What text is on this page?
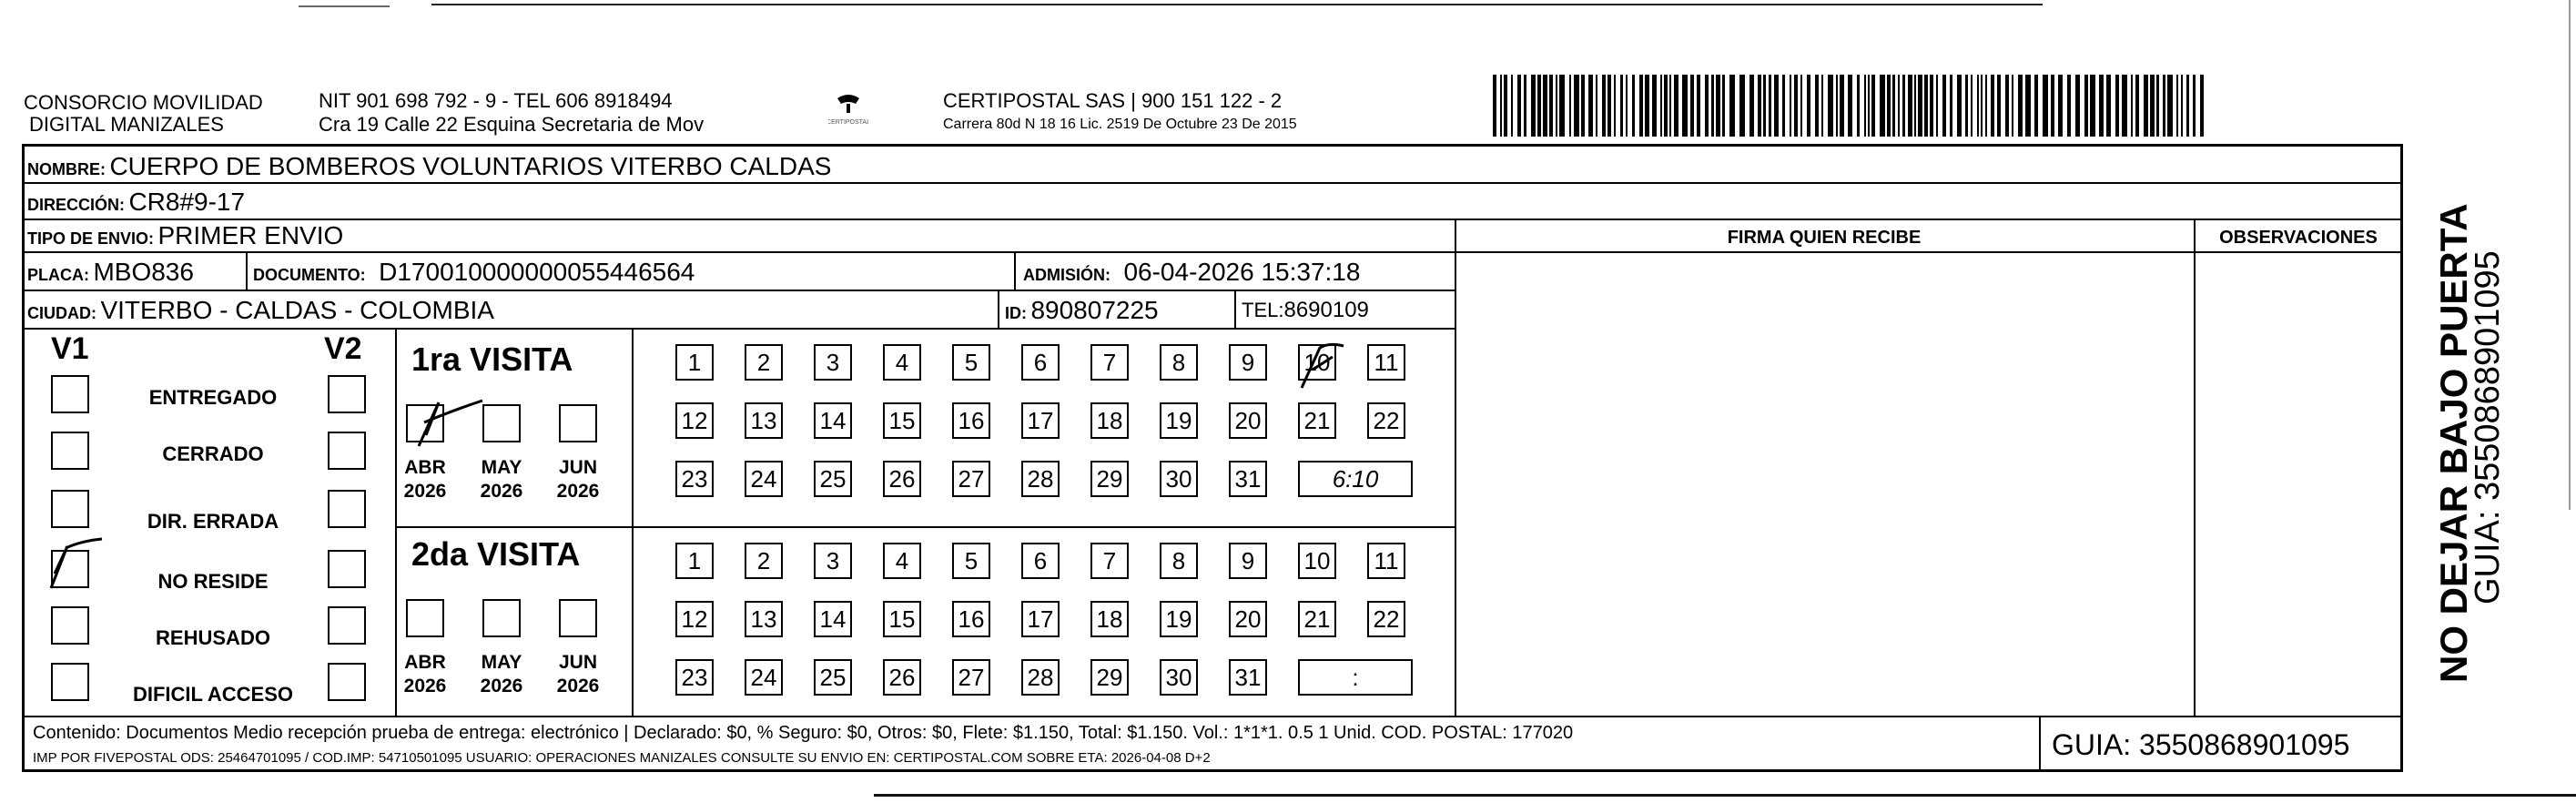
CONSORCIO MOVILIDAD
DIGITAL MANIZALES
NIT 901 698 792 - 9 - TEL 606 8918494
Cra 19 Calle 22 Esquina Secretaria de Mov	CERTIPOSTAL
CERTIPOSTAL SAS | 900 151 122 - 2
Carrera 80d N 18 16 Lic. 2519 De Octubre 23 De 2015
NOMBRE: CUERPO DE BOMBEROS VOLUNTARIOS VITERBO CALDAS
DIRECCIÓN: CR8#9-17
TIPO DE ENVIO: PRIMER ENVIO	FIRMA QUIEN RECIBE	OBSERVACIONES
PLACA: MBO836	DOCUMENTO: D170010000000055446564	ADMISIÓN: 06-04-2026 15:37:18
CIUDAD: VITERBO - CALDAS - COLOMBIA	ID: 890807225	TEL:8690109
V1	V2
ENTREGADO
CERRADO
DIR. ERRADA
NO RESIDE
REHUSADO
DIFICIL ACCESO
1ra VISITA
ABR
2026
MAY
2026
JUN
2026
1	2	3	4	5	6	7	8	9	10 11
12 13 14 15 16 17 18 19 20 21 22
23 24 25 26 27 28 29 30 31	6:10
2da VISITA
ABR
2026
MAY
2026
JUN
2026
1	2	3	4	5	6	7	8	9	10 11
12 13 14 15 16 17 18 19 20 21 22
23 24 25 26 27 28 29 30 31	:
Contenido: Documentos Medio recepción prueba de entrega: electrónico | Declarado: $0, % Seguro: $0, Otros: $0, Flete: $1.150, Total: $1.150. Vol.: 1*1*1. 0.5 1 Unid. COD. POSTAL: 177020
IMP POR FIVEPOSTAL ODS: 25464701095 / COD.IMP: 54710501095 USUARIO: OPERACIONES MANIZALES CONSULTE SU ENVIO EN: CERTIPOSTAL.COM SOBRE ETA: 2026-04-08 D+2	GUIA: 3550868901095
NO DEJAR BAJO PUERTA
GUIA: 3550868901095
